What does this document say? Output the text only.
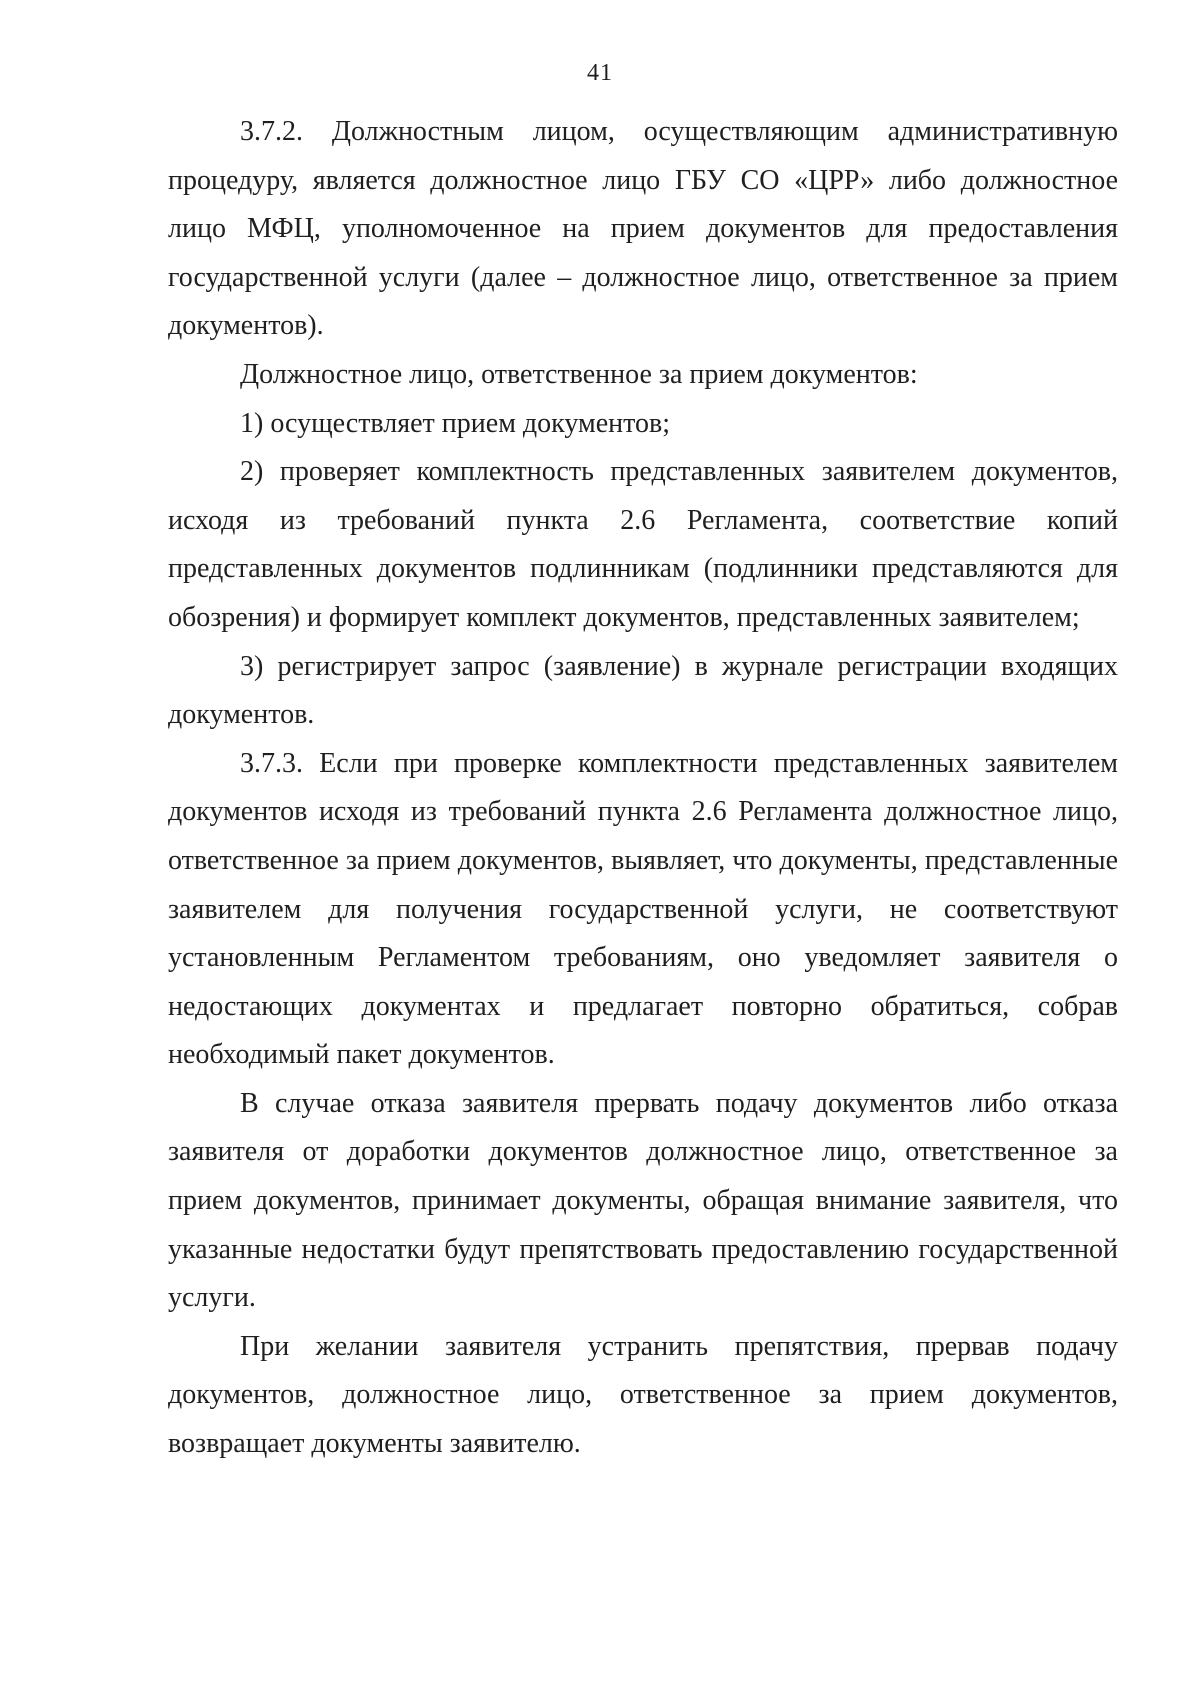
41

3.7.2. Должностным лицом, осуществляющим административную процедуру, является должностное лицо ГБУ СО «ЦРР» либо должностное лицо МФЦ, уполномоченное на прием документов для предоставления государственной услуги (далее – должностное лицо, ответственное за прием документов).

Должностное лицо, ответственное за прием документов:

1) осуществляет прием документов;

2) проверяет комплектность представленных заявителем документов, исходя из требований пункта 2.6 Регламента, соответствие копий представленных документов подлинникам (подлинники представляются для обозрения) и формирует комплект документов, представленных заявителем;

3) регистрирует запрос (заявление) в журнале регистрации входящих документов.

3.7.3. Если при проверке комплектности представленных заявителем документов исходя из требований пункта 2.6 Регламента должностное лицо, ответственное за прием документов, выявляет, что документы, представленные заявителем для получения государственной услуги, не соответствуют установленным Регламентом требованиям, оно уведомляет заявителя о недостающих документах и предлагает повторно обратиться, собрав необходимый пакет документов.

В случае отказа заявителя прервать подачу документов либо отказа заявителя от доработки документов должностное лицо, ответственное за прием документов, принимает документы, обращая внимание заявителя, что указанные недостатки будут препятствовать предоставлению государственной услуги.

При желании заявителя устранить препятствия, прервав подачу документов, должностное лицо, ответственное за прием документов, возвращает документы заявителю.
